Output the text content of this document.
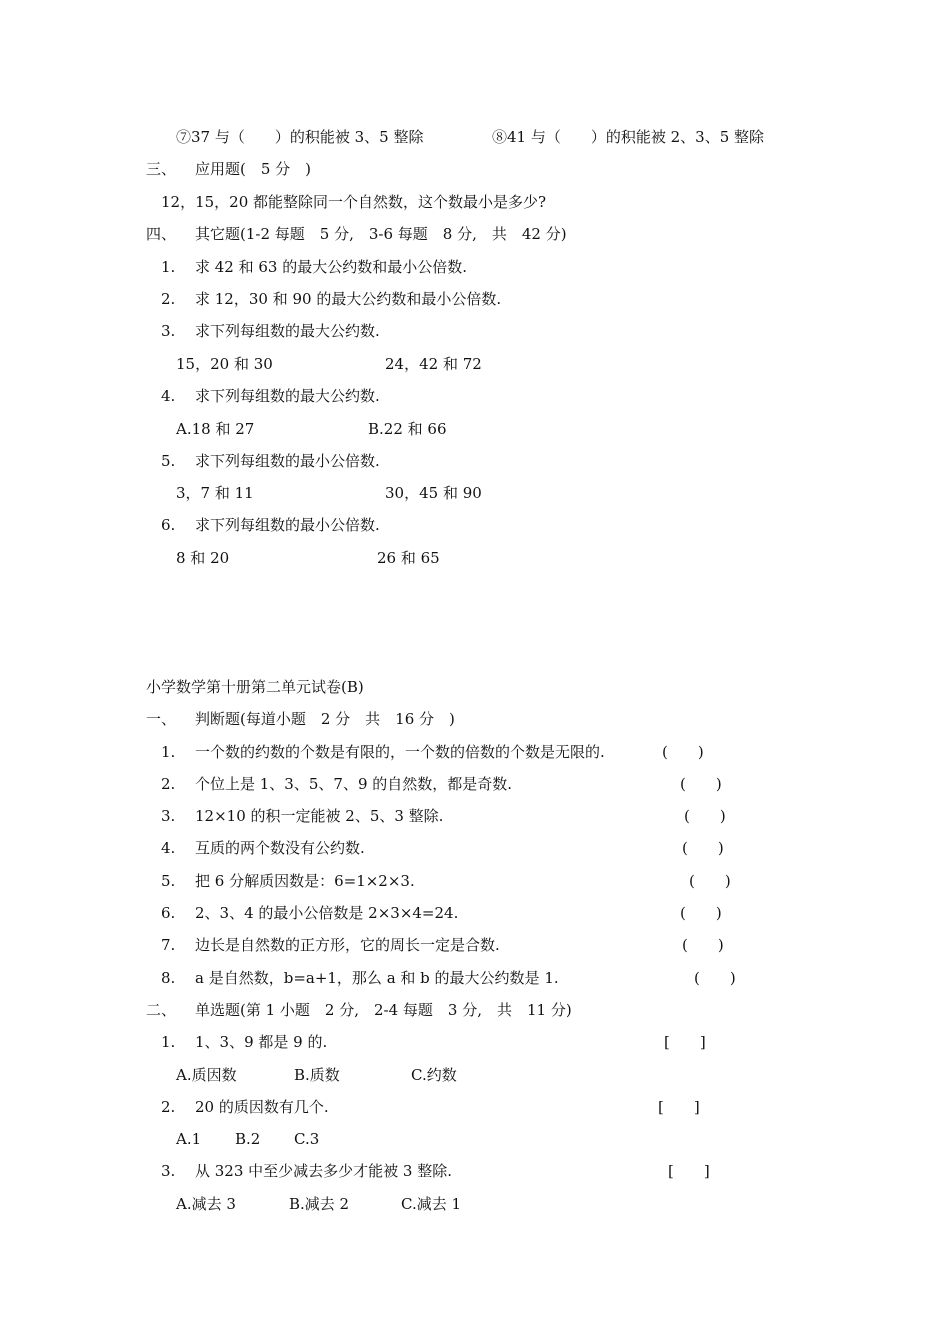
⑦37 与（　　）的积能被 3、5 整除	⑧41 与（　　）的积能被 2、3、5 整除
三、 应用题(　5 分　)
12，15，20 都能整除同一个自然数，这个数最小是多少?
四、 其它题(1-2 每题　5 分,　3-6 每题　8 分,　共　42 分)
1. 求 42 和 63 的最大公约数和最小公倍数.
2. 求 12，30 和 90 的最大公约数和最小公倍数.
3. 求下列每组数的最大公约数.
15，20 和 30	24，42 和 72
4. 求下列每组数的最大公约数.
A.18 和 27	B.22 和 66
5. 求下列每组数的最小公倍数.
3，7 和 11	30，45 和 90
6. 求下列每组数的最小公倍数.
8 和 20	26 和 65
小学数学第十册第二单元试卷(B)
一、 判断题(每道小题　2 分　共　16 分　)
1. 一个数的约数的个数是有限的，一个数的倍数的个数是无限的.	(　　)
2. 个位上是 1、3、5、7、9 的自然数，都是奇数.	(　　)
3. 12×10 的积一定能被 2、5、3 整除.	(　　)
4. 互质的两个数没有公约数.	(　　)
5. 把 6 分解质因数是：6=1×2×3.	(　　)
6. 2、3、4 的最小公倍数是 2×3×4=24.	(　　)
7. 边长是自然数的正方形，它的周长一定是合数.	(　　)
8. a 是自然数，b=a+1，那么 a 和 b 的最大公约数是 1.	(　　)
二、 单选题(第 1 小题　2 分,　2-4 每题　3 分,　共　11 分)
1. 1、3、9 都是 9 的.	[　　]
A.质因数	B.质数	C.约数
2. 20 的质因数有几个.	[　　]
A.1 B.2 C.3
3. 从 323 中至少减去多少才能被 3 整除.	[　　]
A.减去 3	B.减去 2	C.减去 1
